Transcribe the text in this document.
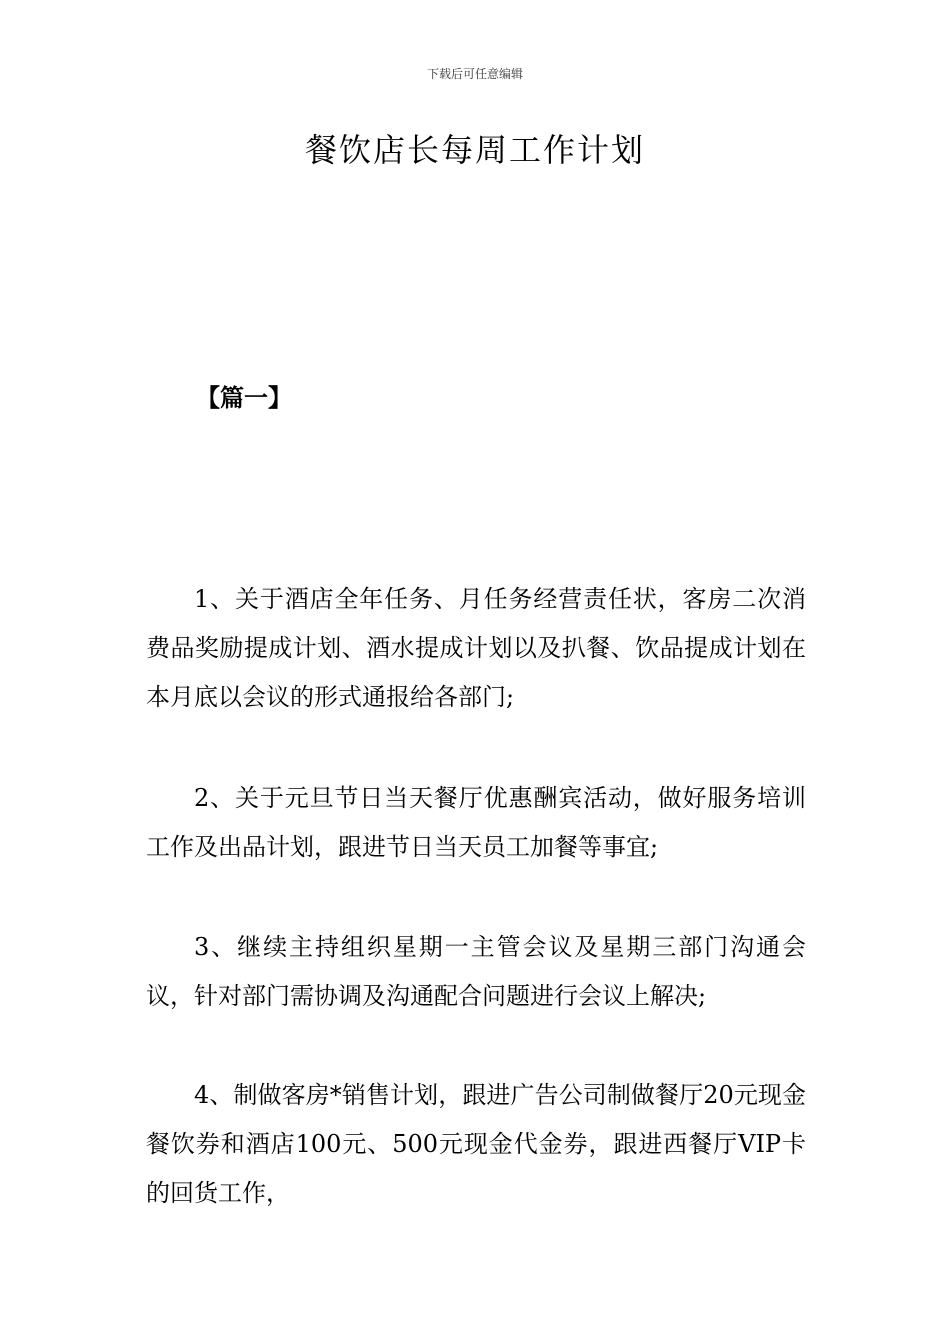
下载后可任意编辑
餐饮店长每周工作计划
【篇一】

1、关于酒店全年任务、月任务经营责任状，客房二次消费品奖励提成计划、酒水提成计划以及扒餐、饮品提成计划在本月底以会议的形式通报给各部门;

2、关于元旦节日当天餐厅优惠酬宾活动，做好服务培训工作及出品计划，跟进节日当天员工加餐等事宜;

3、继续主持组织星期一主管会议及星期三部门沟通会议，针对部门需协调及沟通配合问题进行会议上解决;

4、制做客房*销售计划，跟进广告公司制做餐厅20元现金餐饮券和酒店100元、500元现金代金券，跟进西餐厅VIP卡的回货工作，
